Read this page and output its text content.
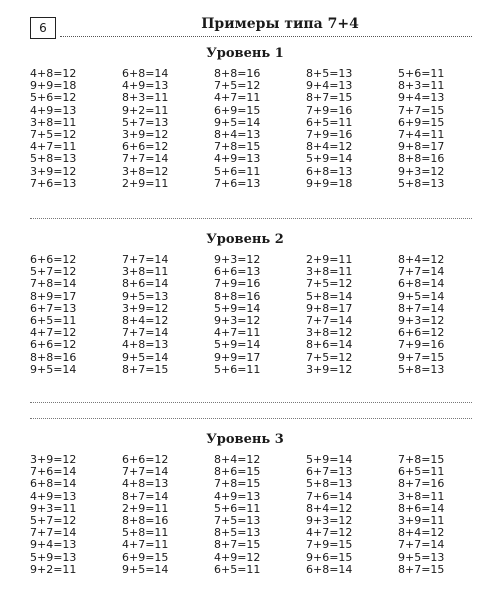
6	Примеры типа 7+4
Уровень 1
4+8=12
9+9=18
5+6=12
4+9=13
3+8=11
7+5=12
4+7=11
5+8=13
3+9=12
7+6=13
6+8=14
4+9=13
8+3=11
9+2=11
5+7=13
3+9=12
6+6=12
7+7=14
3+8=12
2+9=11
8+8=16
7+5=12
4+7=11
6+9=15
9+5=14
8+4=13
7+8=15
4+9=13
5+6=11
7+6=13
8+5=13
9+4=13
8+7=15
7+9=16
6+5=11
7+9=16
8+4=12
5+9=14
6+8=13
9+9=18
5+6=11
8+3=11
9+4=13
7+7=15
6+9=15
7+4=11
9+8=17
8+8=16
9+3=12
5+8=13
Уровень 2
6+6=12
5+7=12
7+8=14
8+9=17
6+7=13
6+5=11
4+7=12
6+6=12
8+8=16
9+5=14
7+7=14
3+8=11
8+6=14
9+5=13
3+9=12
8+4=12
7+7=14
4+8=13
9+5=14
8+7=15
9+3=12
6+6=13
7+9=16
8+8=16
5+9=14
9+3=12
4+7=11
5+9=14
9+9=17
5+6=11
2+9=11
3+8=11
7+5=12
5+8=14
9+8=17
7+7=14
3+8=12
8+6=14
7+5=12
3+9=12
8+4=12
7+7=14
6+8=14
9+5=14
8+7=14
9+3=12
6+6=12
7+9=16
9+7=15
5+8=13
Уровень 3
3+9=12
7+6=14
6+8=14
4+9=13
9+3=11
5+7=12
7+7=14
9+4=13
5+9=13
9+2=11
6+6=12
7+7=14
4+8=13
8+7=14
2+9=11
8+8=16
5+8=11
4+7=11
6+9=15
9+5=14
8+4=12
8+6=15
7+8=15
4+9=13
5+6=11
7+5=13
8+5=13
8+7=15
4+9=12
6+5=11
5+9=14
6+7=13
5+8=13
7+6=14
8+4=12
9+3=12
4+7=12
7+9=15
9+6=15
6+8=14
7+8=15
6+5=11
8+7=16
3+8=11
8+6=14
3+9=11
8+4=12
7+7=14
9+5=13
8+7=15
